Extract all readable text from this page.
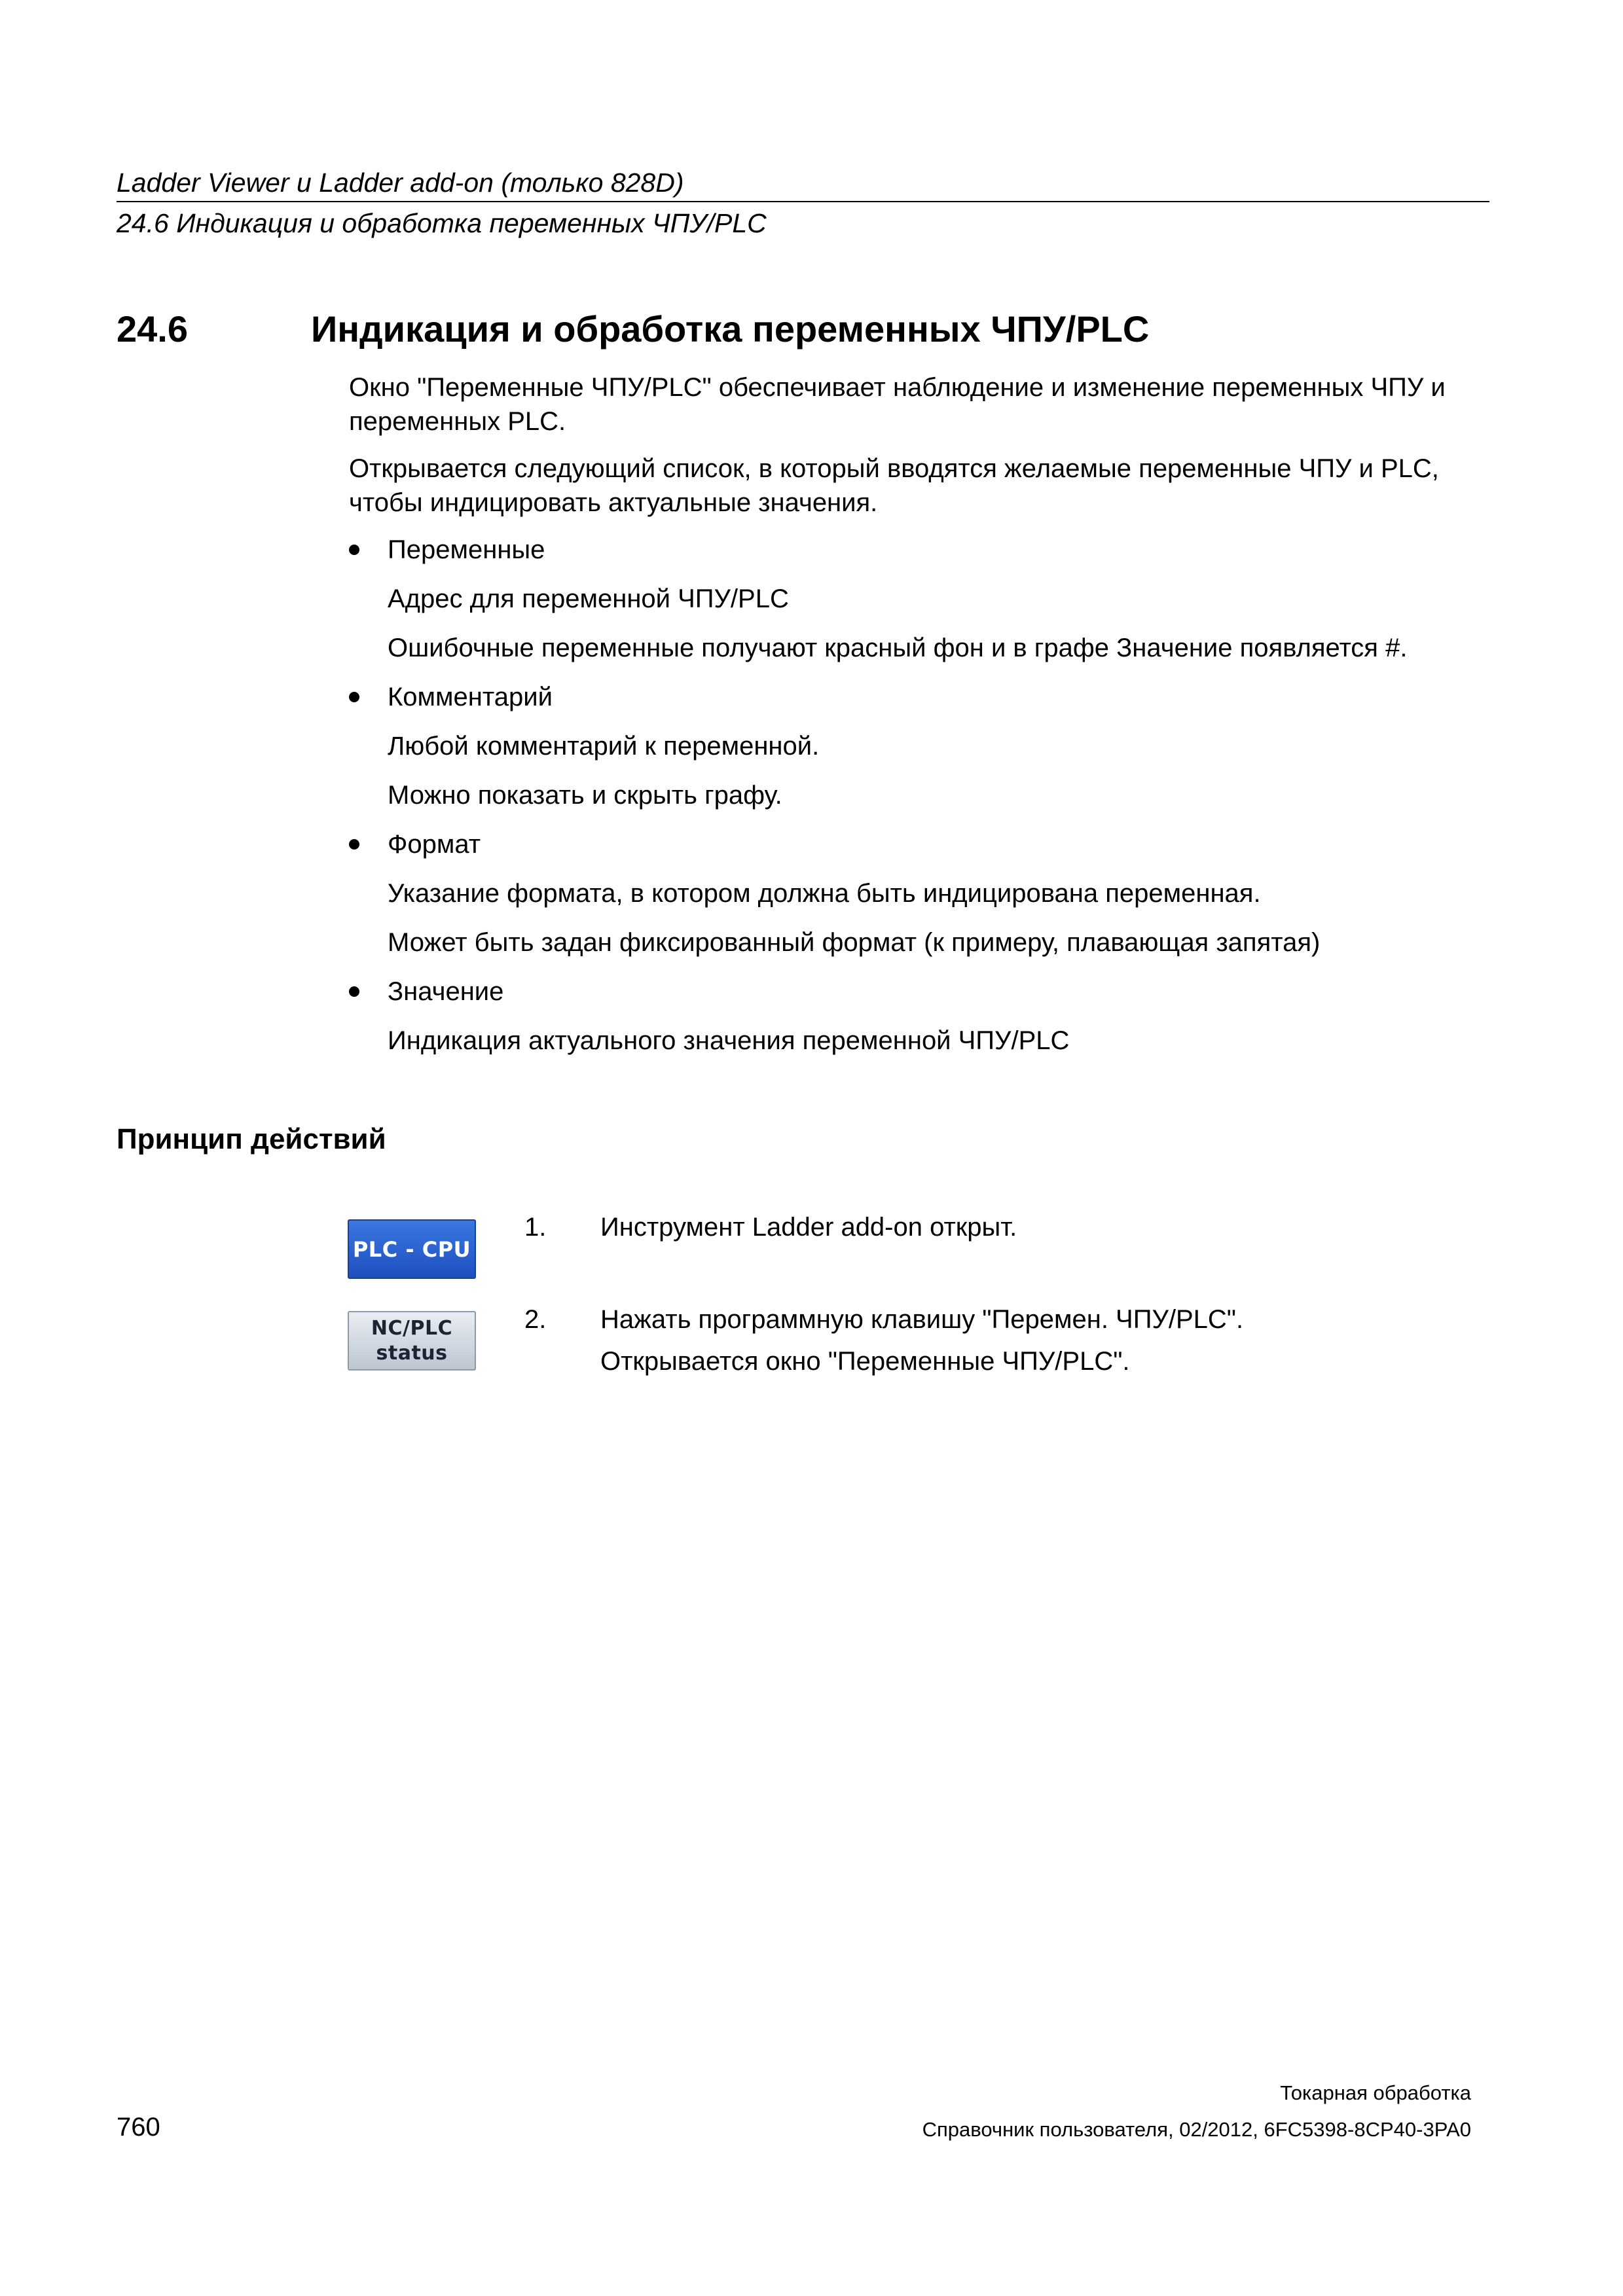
Ladder Viewer и Ladder add-on (только 828D)
24.6 Индикация и обработка переменных ЧПУ/PLC
24.6	Индикация и обработка переменных ЧПУ/PLC
Окно "Переменные ЧПУ/PLC" обеспечивает наблюдение и изменение переменных ЧПУ и переменных PLC.
Открывается следующий список, в который вводятся желаемые переменные ЧПУ и PLC, чтобы индицировать актуальные значения.
Переменные
Адрес для переменной ЧПУ/PLC
Ошибочные переменные получают красный фон и в графе Значение появляется #.
Комментарий
Любой комментарий к переменной.
Можно показать и скрыть графу.
Формат
Указание формата, в котором должна быть индицирована переменная.
Может быть задан фиксированный формат (к примеру, плавающая запятая)
Значение
Индикация актуального значения переменной ЧПУ/PLC
Принцип действий
PLC - CPU
1. Инструмент Ladder add-on открыт.
NC/PLC
status
2. Нажать программную клавишу "Перемен. ЧПУ/PLC".
Открывается окно "Переменные ЧПУ/PLC".
Токарная обработка
760	Справочник пользователя, 02/2012, 6FC5398-8CP40-3PA0
